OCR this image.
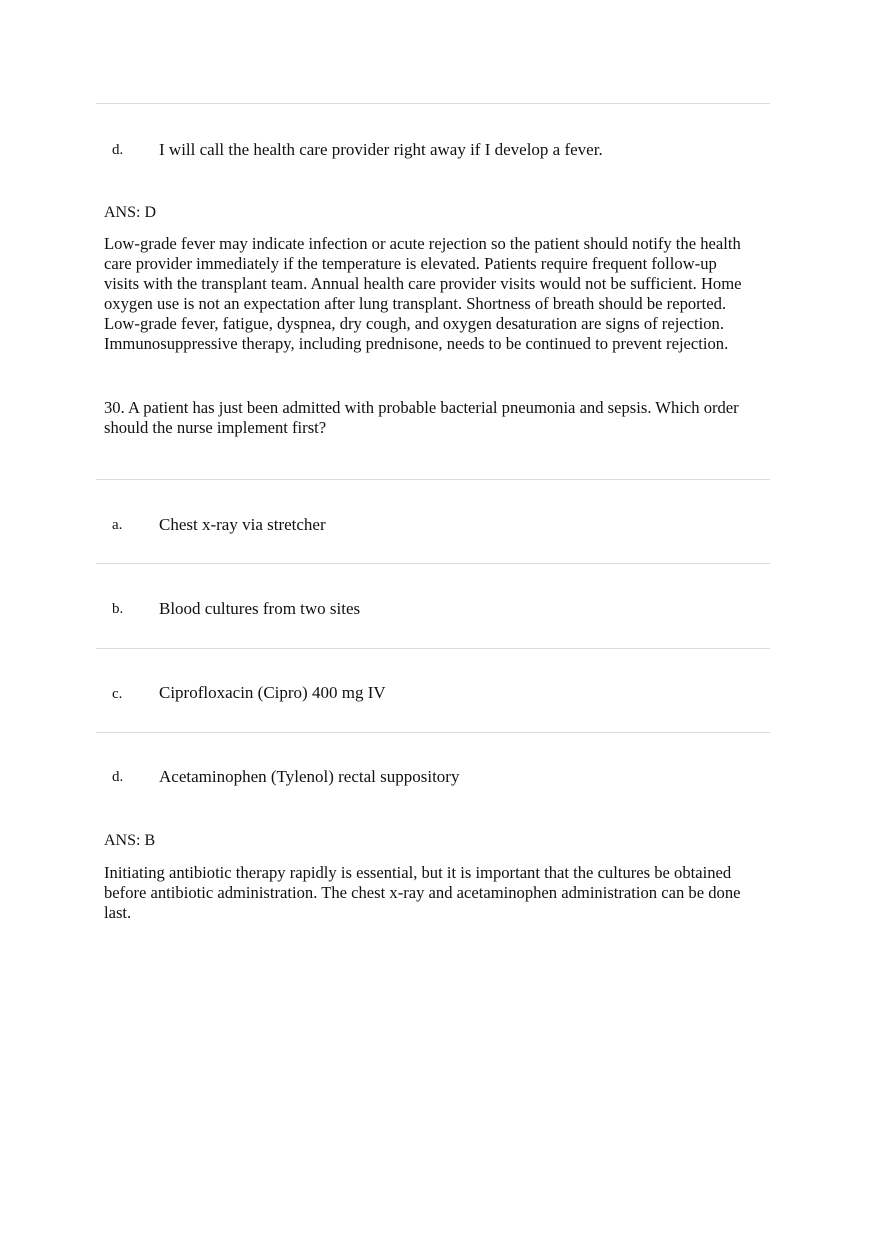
d. I will call the health care provider right away if I develop a fever.
ANS: D
Low-grade fever may indicate infection or acute rejection so the patient should notify the health
care provider immediately if the temperature is elevated. Patients require frequent follow-up
visits with the transplant team. Annual health care provider visits would not be sufficient. Home
oxygen use is not an expectation after lung transplant. Shortness of breath should be reported.
Low-grade fever, fatigue, dyspnea, dry cough, and oxygen desaturation are signs of rejection.
Immunosuppressive therapy, including prednisone, needs to be continued to prevent rejection.
30. A patient has just been admitted with probable bacterial pneumonia and sepsis. Which order
should the nurse implement first?
a. Chest x-ray via stretcher
b. Blood cultures from two sites
c. Ciprofloxacin (Cipro) 400 mg IV
d. Acetaminophen (Tylenol) rectal suppository
ANS: B
Initiating antibiotic therapy rapidly is essential, but it is important that the cultures be obtained
before antibiotic administration. The chest x-ray and acetaminophen administration can be done
last.
